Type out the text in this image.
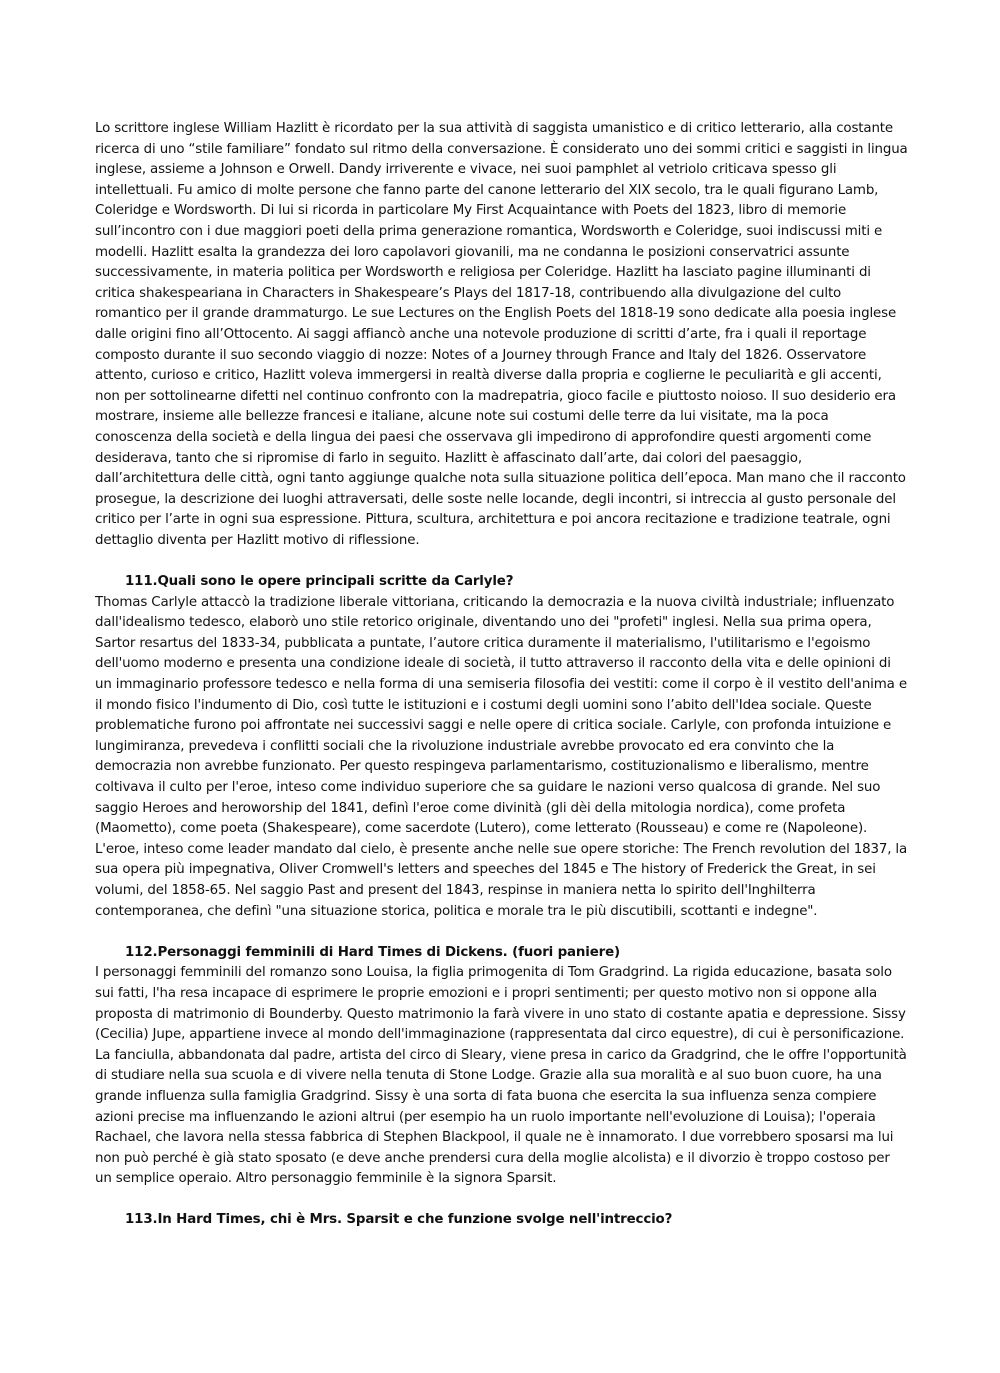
Lo scrittore inglese William Hazlitt è ricordato per la sua attività di saggista umanistico e di critico letterario, alla costante ricerca di uno “stile familiare” fondato sul ritmo della conversazione. È considerato uno dei sommi critici e saggisti in lingua inglese, assieme a Johnson e Orwell. Dandy irriverente e vivace, nei suoi pamphlet al vetriolo criticava spesso gli intellettuali. Fu amico di molte persone che fanno parte del canone letterario del XIX secolo, tra le quali figurano Lamb, Coleridge e Wordsworth. Di lui si ricorda in particolare My First Acquaintance with Poets del 1823, libro di memorie sull’incontro con i due maggiori poeti della prima generazione romantica, Wordsworth e Coleridge, suoi indiscussi miti e modelli. Hazlitt esalta la grandezza dei loro capolavori giovanili, ma ne condanna le posizioni conservatrici assunte successivamente, in materia politica per Wordsworth e religiosa per Coleridge. Hazlitt ha lasciato pagine illuminanti di critica shakespeariana in Characters in Shakespeare’s Plays del 1817-18, contribuendo alla divulgazione del culto romantico per il grande drammaturgo. Le sue Lectures on the English Poets del 1818-19 sono dedicate alla poesia inglese dalle origini fino all’Ottocento. Ai saggi affiancò anche una notevole produzione di scritti d’arte, fra i quali il reportage composto durante il suo secondo viaggio di nozze: Notes of a Journey through France and Italy del 1826. Osservatore attento, curioso e critico, Hazlitt voleva immergersi in realtà diverse dalla propria e coglierne le peculiarità e gli accenti, non per sottolinearne difetti nel continuo confronto con la madrepatria, gioco facile e piuttosto noioso. Il suo desiderio era mostrare, insieme alle bellezze francesi e italiane, alcune note sui costumi delle terre da lui visitate, ma la poca conoscenza della società e della lingua dei paesi che osservava gli impedirono di approfondire questi argomenti come desiderava, tanto che si ripromise di farlo in seguito. Hazlitt è affascinato dall’arte, dai colori del paesaggio, dall’architettura delle città, ogni tanto aggiunge qualche nota sulla situazione politica dell’epoca. Man mano che il racconto prosegue, la descrizione dei luoghi attraversati, delle soste nelle locande, degli incontri, si intreccia al gusto personale del critico per l’arte in ogni sua espressione. Pittura, scultura, architettura e poi ancora recitazione e tradizione teatrale, ogni dettaglio diventa per Hazlitt motivo di riflessione.

111.Quali sono le opere principali scritte da Carlyle?

Thomas Carlyle attaccò la tradizione liberale vittoriana, criticando la democrazia e la nuova civiltà industriale; influenzato dall'idealismo tedesco, elaborò uno stile retorico originale, diventando uno dei "profeti" inglesi. Nella sua prima opera, Sartor resartus del 1833-34, pubblicata a puntate, l’autore critica duramente il materialismo, l'utilitarismo e l'egoismo dell'uomo moderno e presenta una condizione ideale di società, il tutto attraverso il racconto della vita e delle opinioni di un immaginario professore tedesco e nella forma di una semiseria filosofia dei vestiti: come il corpo è il vestito dell'anima e il mondo fisico l'indumento di Dio, così tutte le istituzioni e i costumi degli uomini sono l’abito dell'Idea sociale. Queste problematiche furono poi affrontate nei successivi saggi e nelle opere di critica sociale. Carlyle, con profonda intuizione e lungimiranza, prevedeva i conflitti sociali che la rivoluzione industriale avrebbe provocato ed era convinto che la democrazia non avrebbe funzionato. Per questo respingeva parlamentarismo, costituzionalismo e liberalismo, mentre coltivava il culto per l'eroe, inteso come individuo superiore che sa guidare le nazioni verso qualcosa di grande. Nel suo saggio Heroes and heroworship del 1841, definì l'eroe come divinità (gli dèi della mitologia nordica), come profeta (Maometto), come poeta (Shakespeare), come sacerdote (Lutero), come letterato (Rousseau) e come re (Napoleone). L'eroe, inteso come leader mandato dal cielo, è presente anche nelle sue opere storiche: The French revolution del 1837, la sua opera più impegnativa, Oliver Cromwell's letters and speeches del 1845 e The history of Frederick the Great, in sei volumi, del 1858-65. Nel saggio Past and present del 1843, respinse in maniera netta lo spirito dell'Inghilterra contemporanea, che definì "una situazione storica, politica e morale tra le più discutibili, scottanti e indegne".

112.Personaggi femminili di Hard Times di Dickens. (fuori paniere)

I personaggi femminili del romanzo sono Louisa, la figlia primogenita di Tom Gradgrind. La rigida educazione, basata solo sui fatti, l'ha resa incapace di esprimere le proprie emozioni e i propri sentimenti; per questo motivo non si oppone alla proposta di matrimonio di Bounderby. Questo matrimonio la farà vivere in uno stato di costante apatia e depressione. Sissy (Cecilia) Jupe, appartiene invece al mondo dell'immaginazione (rappresentata dal circo equestre), di cui è personificazione. La fanciulla, abbandonata dal padre, artista del circo di Sleary, viene presa in carico da Gradgrind, che le offre l'opportunità di studiare nella sua scuola e di vivere nella tenuta di Stone Lodge. Grazie alla sua moralità e al suo buon cuore, ha una grande influenza sulla famiglia Gradgrind. Sissy è una sorta di fata buona che esercita la sua influenza senza compiere azioni precise ma influenzando le azioni altrui (per esempio ha un ruolo importante nell'evoluzione di Louisa); l'operaia Rachael, che lavora nella stessa fabbrica di Stephen Blackpool, il quale ne è innamorato. I due vorrebbero sposarsi ma lui non può perché è già stato sposato (e deve anche prendersi cura della moglie alcolista) e il divorzio è troppo costoso per un semplice operaio. Altro personaggio femminile è la signora Sparsit.

113.In Hard Times, chi è Mrs. Sparsit e che funzione svolge nell'intreccio?
